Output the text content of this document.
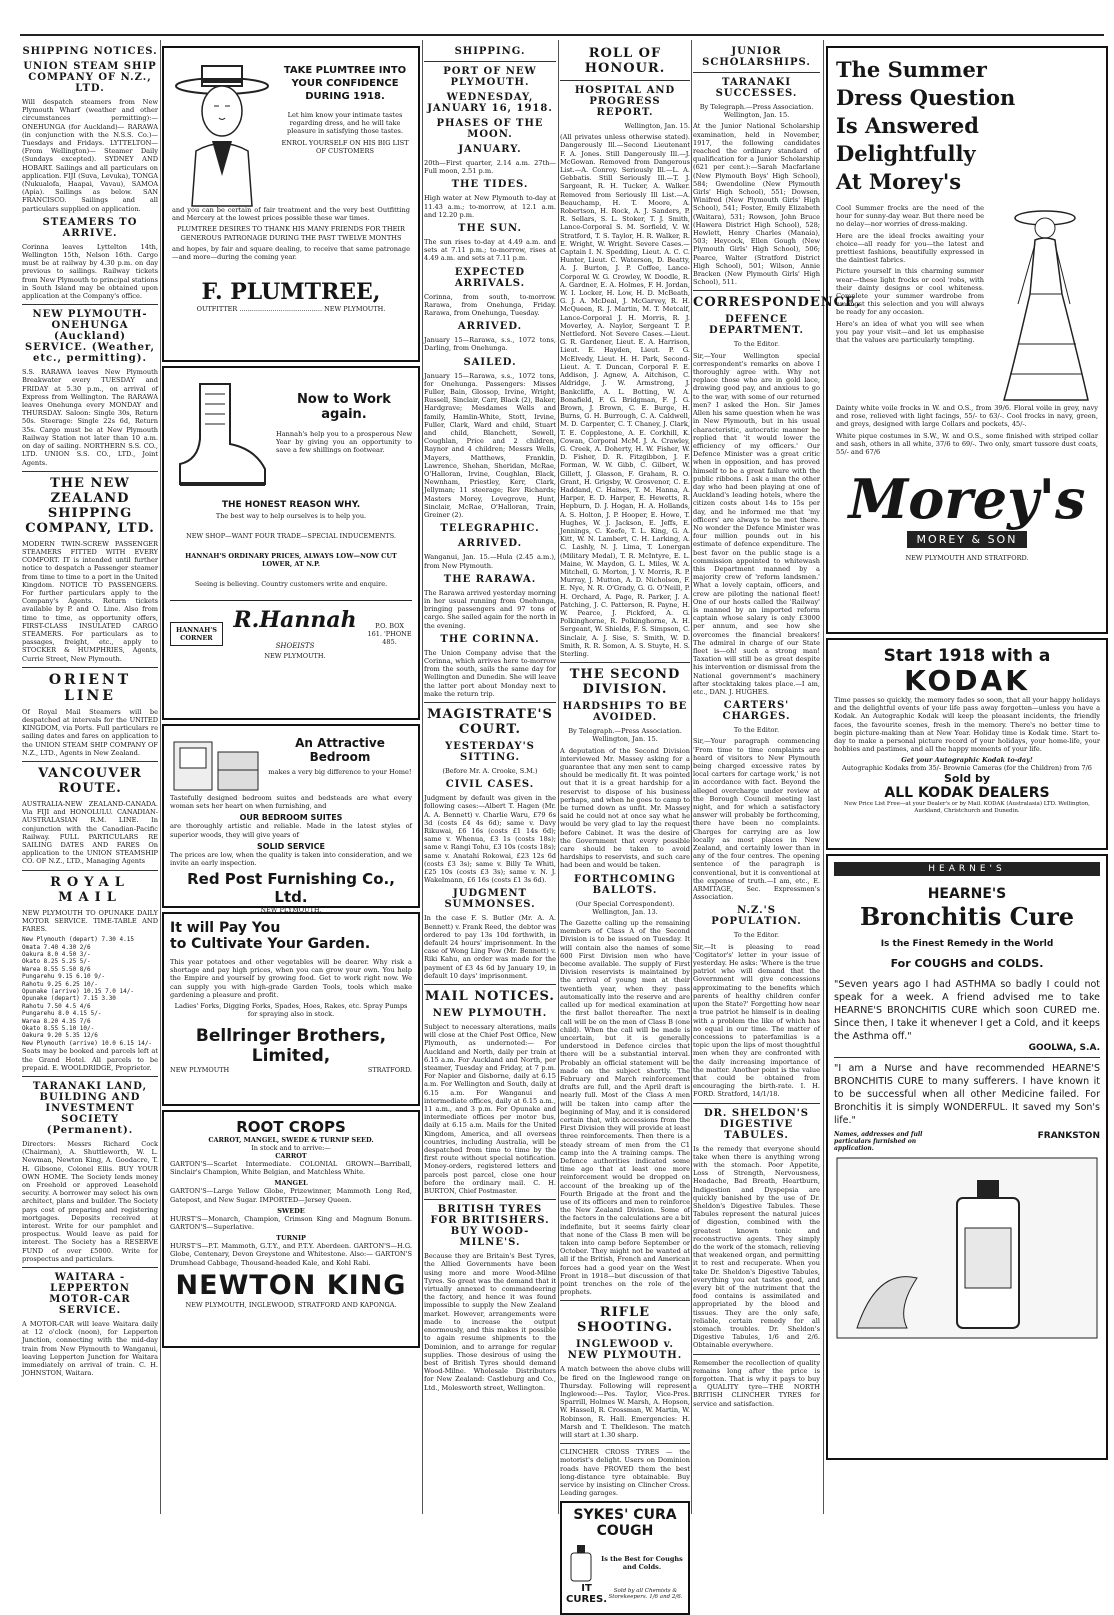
SHIPPING NOTICES.
UNION STEAM SHIP COMPANY OF N.Z., LTD.
Will despatch steamers from New Plymouth Wharf (weather and other circumstances permitting):— ONEHUNGA (for Auckland)— RARAWA (in conjunction with the N.S.S. Co.)—Tuesdays and Fridays. LYTTELTON— (From Wellington)— Steamer Daily (Sundays excepted). SYDNEY AND HOBART. Sailings and all particulars on application. FIJI (Suva, Levuka), TONGA (Nukualofa, Haapai, Vavau), SAMOA (Apia). Sailings as below. SAN FRANCISCO. Sailings and all particulars supplied on application.
STEAMERS TO ARRIVE.
Corinna leaves Lyttelton 14th, Wellington 15th, Nelson 16th. Cargo must be at railway by 4.30 p.m. on day previous to sailings. Railway tickets from New Plymouth to principal stations in South Island may be obtained upon application at the Company's office.
NEW PLYMOUTH-ONEHUNGA (Auckland) SERVICE. (Weather, etc., permitting).
S.S. RARAWA leaves New Plymouth Breakwater every TUESDAY and FRIDAY at 5.30 p.m., on arrival of Express from Wellington. The RARAWA leaves Onehunga every MONDAY and THURSDAY. Saloon: Single 30s, Return 50s. Steerage: Single 22s 6d, Return 35s. Cargo must be at New Plymouth Railway Station not later than 10 a.m. on day of sailing. NORTHERN S.S. CO., LTD. UNION S.S. CO., LTD., Joint Agents.
THE NEW ZEALAND SHIPPING COMPANY, LTD.
MODERN TWIN-SCREW PASSENGER STEAMERS FITTED WITH EVERY COMFORT. IT is intended until further notice to despatch a Passenger steamer from time to time to a port in the United Kingdom. NOTICE TO PASSENGERS. For further particulars apply to the Company's Agents. Return tickets available by P. and O. Line. Also from time to time, as opportunity offers, FIRST-CLASS INSULATED CARGO STEAMERS. For particulars as to passages, freight, etc., apply to STOCKER & HUMPHRIES, Agents, Currie Street, New Plymouth.
ORIENT LINE
Of Royal Mail Steamers will be despatched at intervals for the UNITED KINGDOM, via Ports. Full particulars re sailing dates and fares on application to the UNION STEAM SHIP COMPANY OF N.Z., LTD., Agents in New Zealand.
VANCOUVER ROUTE.
AUSTRALIA-NEW ZEALAND-CANADA. Via FIJI and HONOLULU. CANADIAN-AUSTRALASIAN R.M. LINE. In conjunction with the Canadian-Pacific Railway. FULL PARTICULARS RE SAILING DATES AND FARES On application to the UNION STEAMSHIP CO. OF N.Z., LTD., Managing Agents
ROYAL MAIL
NEW PLYMOUTH TO OPUNAKE DAILY MOTOR SERVICE. TIME-TABLE AND FARES.
New Plymouth (depart) 7.30 4.15
Omata 7.40 4.30 2/6
Oakura 8.0 4.50 3/-
Okato 8.25 5.25 5/-
Warea 8.55 5.50 8/6
Pungarehu 9.15 6.10 9/-
Rahotu 9.25 6.25 10/-
Opunake (arrive) 10.15 7.0 14/-
Opunake (depart) 7.15 3.30
Rahotu 7.50 4.5 4/6
Pungarehu 8.0 4.15 5/-
Warea 8.20 4.35 7/6
Okato 8.55 5.10 10/-
Oakura 9.20 5.35 12/6
New Plymouth (arrive) 10.0 6.15 14/-
Seats may be booked and parcels left at the Grand Hotel. All parcels to be prepaid. E. WOOLDRIDGE, Proprietor.
TARANAKI LAND, BUILDING AND INVESTMENT SOCIETY (Permanent).
Directors: Messrs Richard Cock (Chairman), A. Shuttleworth, W. L. Newman, Newton King, A. Goodacre, T. H. Gibsone, Colonel Ellis. BUY YOUR OWN HOME. The Society lends money on Freehold or approved Leasehold security. A borrower may select his own architect, plans and builder. The Society pays cost of preparing and registering mortgages. Deposits received at interest. Write for our pamphlet and prospectus. Would leave as paid for interest. The Society has a RESERVE FUND of over £5000. Write for prospectus and particulars.
WAITARA - LEPPERTON MOTOR-CAR SERVICE.
A MOTOR-CAR will leave Waitara daily at 12 o'clock (noon), for Lepperton Junction, connecting with the mid-day train from New Plymouth to Wanganui, leaving Lepperton Junction for Waitara immediately on arrival of train. C. H. JOHNSTON, Waitara.
TAKE PLUMTREE INTO YOUR CONFIDENCE DURING 1918.
Let him know your intimate tastes regarding dress, and he will take pleasure in satisfying those tastes.
ENROL YOURSELF ON HIS BIG LIST OF CUSTOMERS
and you can be certain of fair treatment and the very best Outfitting and Mercery at the lowest prices possible these war times.
PLUMTREE DESIRES TO THANK HIS MANY FRIENDS FOR THEIR GENEROUS PATRONAGE DURING THE PAST TWELVE MONTHS
and hopes, by fair and square dealing, to receive that same patronage—and more—during the coming year.
F. PLUMTREE,
OUTFITTER ........................................ NEW PLYMOUTH.
Now to Work again.
Hannah's help you to a prosperous New Year by giving you an opportunity to save a few shillings on footwear.
THE HONEST REASON WHY.
The best way to help ourselves is to help you.
NEW SHOP—WANT FOUR TRADE—SPECIAL INDUCEMENTS.
HANNAH'S ORDINARY PRICES, ALWAYS LOW—NOW CUT LOWER, AT N.P.
Seeing is believing. Country customers write and enquire.
HANNAH'S CORNER
R.Hannah SHOEISTS
NEW PLYMOUTH.
P.O. BOX 161. 'PHONE 485.
An Attractive Bedroom
makes a very big difference to your Home!
Tastefully designed bedroom suites and bedsteads are what every woman sets her heart on when furnishing, and
OUR BEDROOM SUITES
are thoroughly artistic and reliable. Made in the latest styles of superior woods, they will give years of
SOLID SERVICE
The prices are low, when the quality is taken into consideration, and we invite an early inspection.
Red Post Furnishing Co., Ltd.
NEW PLYMOUTH.
It will Pay You
to Cultivate Your Garden.
This year potatoes and other vegetables will be dearer. Why risk a shortage and pay high prices, when you can grow your own. You help the Empire and yourself by growing food. Get to work right now. We can supply you with high-grade Garden Tools, tools which make gardening a pleasure and profit.
Ladies' Forks, Digging Forks, Spades, Hoes, Rakes, etc. Spray Pumps for spraying also in stock.
Bellringer Brothers, Limited,
NEW PLYMOUTH	STRATFORD.
ROOT CROPS
CARROT, MANGEL, SWEDE & TURNIP SEED.
In stock and to arrive:—
CARROT
GARTON'S—Scarlet Intermediate. COLONIAL GROWN—Barriball, Sinclair's Champion, White Belgian, and Matchless White.
MANGEL
GARTON'S—Large Yellow Globe, Prizewinner, Mammoth Long Red, Gatepost, and New Sugar. IMPORTED—Jersey Queen.
SWEDE
HURST'S—Monarch, Champion, Crimson King and Magnum Bonum. GARTON'S—Superlative.
TURNIP
HURST'S—P.T. Mammoth, G.T.Y., and P.T.Y. Aberdeen. GARTON'S—H.G. Globe, Centenary, Devon Greystone and Whitestone. Also:— GARTON'S Drumhead Cabbage, Thousand-headed Kale, and Kohl Rabi.
NEWTON KING
NEW PLYMOUTH, INGLEWOOD, STRATFORD AND KAPONGA.
SHIPPING.
PORT OF NEW PLYMOUTH.
WEDNESDAY, JANUARY 16, 1918.
PHASES OF THE MOON.
JANUARY.
20th—First quarter, 2.14 a.m. 27th—Full moon, 2.51 p.m.
THE TIDES.
High water at New Plymouth to-day at 11.43 a.m.; to-morrow, at 12.1 a.m. and 12.20 p.m.
THE SUN.
The sun rises to-day at 4.49 a.m. and sets at 7.11 p.m.; to-morrow, rises at 4.49 a.m. and sets at 7.11 p.m.
EXPECTED ARRIVALS.
Corinna, from south, to-morrow. Rarawa, from Onehunga, Friday. Rarawa, from Onehunga, Tuesday.
ARRIVED.
January 15—Rarawa, s.s., 1072 tons, Darling, from Onehunga.
SAILED.
January 15—Rarawa, s.s., 1072 tons, for Onehunga. Passengers: Misses Fuller, Bain, Glossop, Irvine, Wright, Russell, Sinclair, Carr, Black (2), Baker, Hardgrave; Mesdames Wells and family, Hamlin-White, Stott, Irvine, Fuller, Clark, Ward and child, Stuart and child, Blanchett, Sewell, Coughlan, Price and 2 children, Raynor and 4 children; Messrs Wells, Mayers, Matthews, Franklin, Lawrence, Shehan, Sheridan, McRae, O'Halloran, Irvine, Coughlan, Black, Newnham, Priestley, Kerr, Clark, Jellyman; 11 steerage; Rev Richards; Masters Morey, Lovegrove, Hunt, Sinclair, McRae, O'Halloran, Train, Greiner (2).
TELEGRAPHIC.
ARRIVED.
Wanganui, Jan. 15.—Hula (2.45 a.m.), from New Plymouth.
THE RARAWA.
The Rarawa arrived yesterday morning in her usual running from Onehunga, bringing passengers and 97 tons of cargo. She sailed again for the north in the evening.
THE CORINNA.
The Union Company advise that the Corinna, which arrives here to-morrow from the south, sails the same day for Wellington and Dunedin. She will leave the latter port about Monday next to make the return trip.
MAGISTRATE'S COURT.
YESTERDAY'S SITTING.
(Before Mr. A. Crooke, S.M.)
CIVIL CASES.
Judgment by default was given in the following cases:—Albert T. Hagen (Mr. A. A. Bennett) v. Charlie Waru, £79 6s 3d (costs £4 4s 6d); same v. Davy Rikuwai, £6 16s (costs £1 14s 6d); same v. Whenua, £3 1s (costs 18s); same v. Rangi Tohu, £3 10s (costs 18s); same v. Anatahi Rokowai, £23 12s 6d (costs £3 3s); same v. Billy Te Whiti, £25 10s (costs £3 3s); same v. N. J. Wakelmann, £6 16s (costs £1 3s 6d).
JUDGMENT SUMMONSES.
In the case F. S. Butler (Mr. A. A. Bennett) v. Frank Reed, the debtor was ordered to pay 13s 10d forthwith, in default 24 hours' imprisonment. In the case of Wong Ling Pow (Mr. Bennett) v. Riki Kahu, an order was made for the payment of £3 4s 6d by January 19, in default 10 days' imprisonment.
MAIL NOTICES.
NEW PLYMOUTH.
Subject to necessary alterations, mails will close at the Chief Post Office, New Plymouth, as undernoted:— For Auckland and North, daily per train at 6.15 a.m. For Auckland and North, per steamer, Tuesday and Friday, at 7 p.m. For Napier and Gisborne, daily at 6.15 a.m. For Wellington and South, daily at 6.15 a.m. For Wanganui and intermediate offices, daily at 6.15 a.m., 11 a.m., and 3 p.m. For Opunake and intermediate offices per motor bus, daily at 6.15 a.m. Mails for the United Kingdom, America, and all overseas countries, including Australia, will be despatched from time to time by the first route without special notification. Money-orders, registered letters and parcels post parcel, close one hour before the ordinary mail. C. H. BURTON, Chief Postmaster.
BRITISH TYRES FOR BRITISHERS. BUY WOOD-MILNE'S.
Because they are Britain's Best Tyres, the Allied Governments have been using more and more Wood-Milne Tyres. So great was the demand that it virtually annexed to commandeering the factory, and hence it was found impossible to supply the New Zealand market. However, arrangements were made to increase the output enormously, and this makes it possible to again resume shipments to the Dominion, and to arrange for regular supplies. Those desirous of using the best of British Tyres should demand Wood-Milne. Wholesale Distributors for New Zealand: Castleburg and Co., Ltd., Molesworth street, Wellington.
ROLL OF HONOUR.
HOSPITAL AND PROGRESS REPORT.
Wellington, Jan. 15.
(All privates unless otherwise stated). Dangerously Ill.—Second Lieutenant F. A. Jones. Still Dangerously Ill.—J. McGowan. Removed from Dangerous List.—A. Conroy. Seriously Ill.—L. A. Gebbatis. Still Seriously Ill.—T. J. Sargeant, R. H. Tucker, A. Walker. Removed from Seriously Ill List.—A. Beauchamp, H. T. Moore, A. Robertson, H. Rock, A. J. Sanders, P. R. Sellars, S. L. Stoker, T. J. Smith, Lance-Corporal S. M. Sorfield, V. W. Stratford, T. S. Taylor, H. R. Walker, R. E. Wright, W. Wright. Severe Cases.—Captain I. N. Spedding, Lieut. A. C. C. Hunter, Lieut. C. Waterson, D. Beatty, A. J. Burton, J. P. Coffee, Lance-Corporal W. G. Crowley, W. Doodle, R. A. Gardner, E. A. Holmes, F. H. Jordan, W. I. Locker, H. Low, H. D. McBeath, G. J. A. McDeal, J. McGarvey, R. H. McQueen, R. J. Martin, M. T. Metcalf, Lance-Corporal J. H. Morris, R. J. Moverley, A. Naylor, Sergeant T. P. Nettleford. Not Severe Cases.—Lieut. G. R. Gardener, Lieut. E. A. Harrison, Lieut. E. Hayden, Lieut. P. G. McElvedy, Lieut. H. H. Park, Second-Lieut. A. T. Duncan, Corporal F. E. Addison, J. Agnew, A. Aitchison, C. Aldridge, J. W. Armstrong, J. Bankcliffe, A. L. Botting, W. A. Bonafield, F. G. Bridgman, F. J. G. Brown, J. Brown, C. E. Burge, H. Burns, G. H. Burrough, C. A. Caldwell, M. D. Carpenter, C. T. Chaney, J. Clark, T. E. Copplestone, A. E. Corkhill, K. Cowan, Corporal McM. J. A. Crawley, G. Creek, A. Doherty, H. W. Fisher, W. D. Fisher, D. R. Fitzgibbon, J. F. Forman, W. W. Gibb, C. Gilbert, W. Gillett, J. Glasson, F. Graham, R. O. Grant, H. Grigsby, W. Grosvenor, C. E. Haddand, C. Haines, T. M. Hanna, A. Harper, E. D. Harper, E. Hewetts, R. Hepburn, D. J. Hogan, H. A. Hollands, A. S. Holton, J. P. Hooper, E. Howe, T. Hughes, W. J. Jackson, E. Jeffs, E. Jennings, C. Keefe, T. L. King, G. A. Kitt, W. N. Lambert, C. H. Larking, A. C. Lashly, N. J. Lima, T. Lonergan (Military Medal), T. R. McIntyre, E. L. Maine, W. Maydon, G. L. Miles, W. A. Mitchell, G. Morton, J. V. Morris, R. P. Murray, J. Mutton, A. D. Nicholson, F. E. Nye, N. R. O'Grady, G. G. O'Neill, P. H. Orchard, A. Page, R. Parker, J. A. Patching, J. C. Patterson, R. Payne, H. W. Pearce, J. Pickford, A. G. Polkinghorne, R. Polkinghorne, A. H. Sergeant, W. Shields, F. S. Simpson, C. Sinclair, A. J. Sise, S. Smith, W. D. Smith, R. R. Somon, A. S. Stuyte, H. S. Sterling.
THE SECOND DIVISION.
HARDSHIPS TO BE AVOIDED.
By Telegraph.—Press Association. Wellington, Jan. 15.
A deputation of the Second Division interviewed Mr. Massey asking for a guarantee that any men sent to camp should be medically fit. It was pointed out that it is a great hardship for a reservist to dispose of his business perhaps, and when he goes to camp to be turned down as unfit. Mr. Massey said he could not at once say what he would be very glad to lay the request before Cabinet. It was the desire of the Government that every possible care should be taken to avoid hardships to reservists, and such care had been and would be taken.
FORTHCOMING BALLOTS.
(Our Special Correspondent). Wellington, Jan. 13.
The Gazette calling up the remaining members of Class A of the Second Division is to be issued on Tuesday. It will contain also the names of some 600 First Division men who have become available. The supply of First Division reservists is maintained by the arrival of young men at their twentieth year, when they pass automatically into the reserve and are called up for medical examination at the first ballot thereafter. The next call will be on the men of Class B (one child). When the call will be made is uncertain, but it is generally understood in Defence circles that there will be a substantial interval. Probably an official statement will be made on the subject shortly. The February and March reinforcement drafts are full, and the April draft is nearly full. Most of the Class A men will be taken into camp after the beginning of May, and it is considered certain that, with accessions from the First Division they will provide at least three reinforcements. Then there is a steady stream of men from the C1 camp into the A training camps. The Defence authorities indicated some time ago that at least one more reinforcement would be dropped on account of the breaking up of the Fourth Brigade at the front and the use of its officers and men to reinforce the New Zealand Division. Some of the factors in the calculations are a bit indefinite, but it seems fairly clear that none of the Class B men will be taken into camp before September or October. They might not be wanted at all if the British, French and American forces had a good year on the West Front in 1918—but discussion of that point trenches on the role of the prophets.
RIFLE SHOOTING.
INGLEWOOD v. NEW PLYMOUTH.
A match between the above clubs will be fired on the Inglewood range on Thursday. Following will represent Inglewood:—Pes. Taylor, Vice-Pres. Sparrill, Holmes W. Marsh, A. Hopson, W. Hassell, R. Crossman, W. Martin, W. Robinson, R. Hall. Emergencies: H. Marsh and T. Thelkleson. The match will start at 1.30 sharp.
CLINCHER CROSS TYRES — the motorist's delight. Users on Dominion roads have PROVED them the best long-distance tyre obtainable. Buy service by insisting on Clincher Cross. Leading garages.
SYKES' CURA COUGH
Is the Best for Coughs and Colds.
IT CURES.
Sold by all Chemists & Storekeepers. 1/6 and 2/6.
JUNIOR SCHOLARSHIPS.
TARANAKI SUCCESSES.
By Telegraph.—Press Association. Wellington, Jan. 15.
At the Junior National Scholarship examination, held in November, 1917, the following candidates reached the ordinary standard of qualification for a Junior Scholarship (621 per cent.):—Sarah Macfarlane (New Plymouth Boys' High School), 584; Gwendoline (New Plymouth Girls' High School), 551; Dowsen, Winifred (New Plymouth Girls' High School), 541; Foster, Emily Elizabeth (Waitara), 531; Rowson, John Bruce (Hawera District High School), 528; Hewlett, Henry Charles (Manaia), 503; Heycock, Ellen Gough (New Plymouth Girls' High School), 506; Pearce, Walter (Stratford District High School), 501; Wilson, Annie Bracken (New Plymouth Girls' High School), 511.
CORRESPONDENCE.
DEFENCE DEPARTMENT.
To the Editor.
Sir,—Your Wellington special correspondent's remarks on above I thoroughly agree with. Why not replace those who are in gold lace, drawing good pay, and anxious to go to the war, with some of our returned men? I asked the Hon. Sir James Allen his same question when he was in New Plymouth, but in his usual characteristic, autocratic manner he replied that 'it would lower the efficiency of my officers.' Our Defence Minister was a great critic when in opposition, and has proved himself to be a great failure with the public ribbons. I ask a man the other day who had been playing at one of Auckland's leading hotels, where the citizen costs about 14s to 15s per day, and he informed me that 'my officers' are always to be met there. No wonder the Defence Minister was four million pounds out in his estimate of defence expenditure. The best favor on the public stage is a commission appointed to whitewash this Department manned by a majority crew of 'reform landsmen.' What a lovely captain, officers, and crew are piloting the national fleet! One of our hosts called the 'Railway' is manned by an imported reform captain whose salary is only £3000 per annum, and see how she overcomes the financial breakers! The admiral in charge of our State fleet is—oh! such a strong man! Taxation will still be as great despite his intervention or dismissal from the National government's machinery after stocktaking takes place.—I am, etc., DAN. J. HUGHES.
CARTERS' CHARGES.
To the Editor.
Sir,—Your paragraph commencing 'From time to time complaints are heard of visitors to New Plymouth being charged excessive rates by local carters for cartage work,' is not in accordance with fact. Beyond the alleged overcharge under review at the Borough Council meeting last night, and for which a satisfactory answer will probably be forthcoming, there have been no complaints. Charges for carrying are as low locally as most places in New Zealand, and certainly lower than in any of the four centres. The opening sentence of the paragraph is conventional, but it is conventional at the expense of truth.—I am, etc., E. ARMITAGE, Sec. Expressmen's Association.
N.Z.'S POPULATION.
To the Editor.
Sir,—It is pleasing to read 'Cogitator's' letter in your issue of yesterday. He asks: 'Where is the true patriot who will demand that the Government will give concessions approximating to the benefits which parents of healthy children confer upon the State?' Forgetting how near a true patriot he himself is in dealing with a problem the like of which has no equal in our time. The matter of concessions to paterfamilias is a topic upon the lips of most thoughtful men when they are confronted with the daily increasing importance of the matter. Another point is the value that could be obtained from encouraging the birth-rate. I. H. FORD. Stratford, 14/1/18.
DR. SHELDON'S DIGESTIVE TABULES.
Is the remedy that everyone should take when there is anything wrong with the stomach. Poor Appetite, Loss of Strength, Nervousness, Headache, Bad Breath, Heartburn, Indigestion and Dyspepsia are quickly banished by the use of Dr. Sheldon's Digestive Tabules. These Tabules represent the natural juices of digestion, combined with the greatest known tonic and reconstructive agents. They simply do the work of the stomach, relieving that weakened organ, and permitting it to rest and recuperate. When you take Dr. Sheldon's Digestive Tabules, everything you eat tastes good, and every bit of the nutriment that the food contains is assimilated and appropriated by the blood and tissues. They are the only safe, reliable, certain remedy for all stomach troubles. Dr. Sheldon's Digestive Tabules, 1/6 and 2/6. Obtainable everywhere.
Remember the recollection of quality remains long after the price is forgotten. That is why it pays to buy a QUALITY tyre—THE NORTH BRITISH CLINCHER TYRES for service and satisfaction.
The Summer
Dress Question
Is Answered Delightfully
At Morey's
Cool Summer frocks are the need of the hour for sunny-day wear. But there need be no delay—nor worries of dress-making.
Here are the ideal frocks awaiting your choice—all ready for you—the latest and prettiest fashions, beautifully expressed in the daintiest fabrics.
Picture yourself in this charming summer wear—these light frocks or cool 'robs, with their dainty designs or cool whiteness. Complete your summer wardrobe from amongst this selection and you will always be ready for any occasion.
Here's an idea of what you will see when you pay your visit—and let us emphasise that the values are particularly tempting.
Dainty white voile frocks in W. and O.S., from 39/6. Floral voile in grey, navy and rose, relieved with light facings, 55/- to 63/-. Cool frocks in navy, green, and greys, designed with large Collars and pockets, 45/-.
White pique costumes in S.W., W. and O.S., some finished with striped collar and sash, others in all white, 37/6 to 69/-. Two only, smart tussore dust coats, 55/- and 67/6
Morey's
MOREY & SON
NEW PLYMOUTH AND STRATFORD.
Start 1918 with a
KODAK
Time passes so quickly, the memory fades so soon, that all your happy holidays and the delightful events of your life pass away forgotten—unless you have a Kodak. An Autographic Kodak will keep the pleasant incidents, the friendly faces, the favourite scenes, fresh in the memory. There's no better time to begin picture-making than at New Year. Holiday time is Kodak time. Start to-day to make a personal picture record of your holidays, your home-life, your hobbies and pastimes, and all the happy moments of your life.
Get your Autographic Kodak to-day!
Autographic Kodaks from 35/- Brownie Cameras (for the Children) from 7/6
Sold by
ALL KODAK DEALERS
New Price List Free—at your Dealer's or by Mail. KODAK (Australasia) LTD. Wellington, Auckland, Christchurch and Dunedin.
HEARNE'S
HEARNE'S
Bronchitis Cure
Is the Finest Remedy in the World
For COUGHS and COLDS.
"Seven years ago I had ASTHMA so badly I could not speak for a week. A friend advised me to take HEARNE'S BRONCHITIS CURE which soon CURED me. Since then, I take it whenever I get a Cold, and it keeps the Asthma off."
GOOLWA, S.A.
"I am a Nurse and have recommended HEARNE'S BRONCHITIS CURE to many sufferers. I have known it to be successful when all other Medicine failed. For Bronchitis it is simply WONDERFUL. It saved my Son's life."
Names, addresses and full particulars furnished on application.
FRANKSTON
